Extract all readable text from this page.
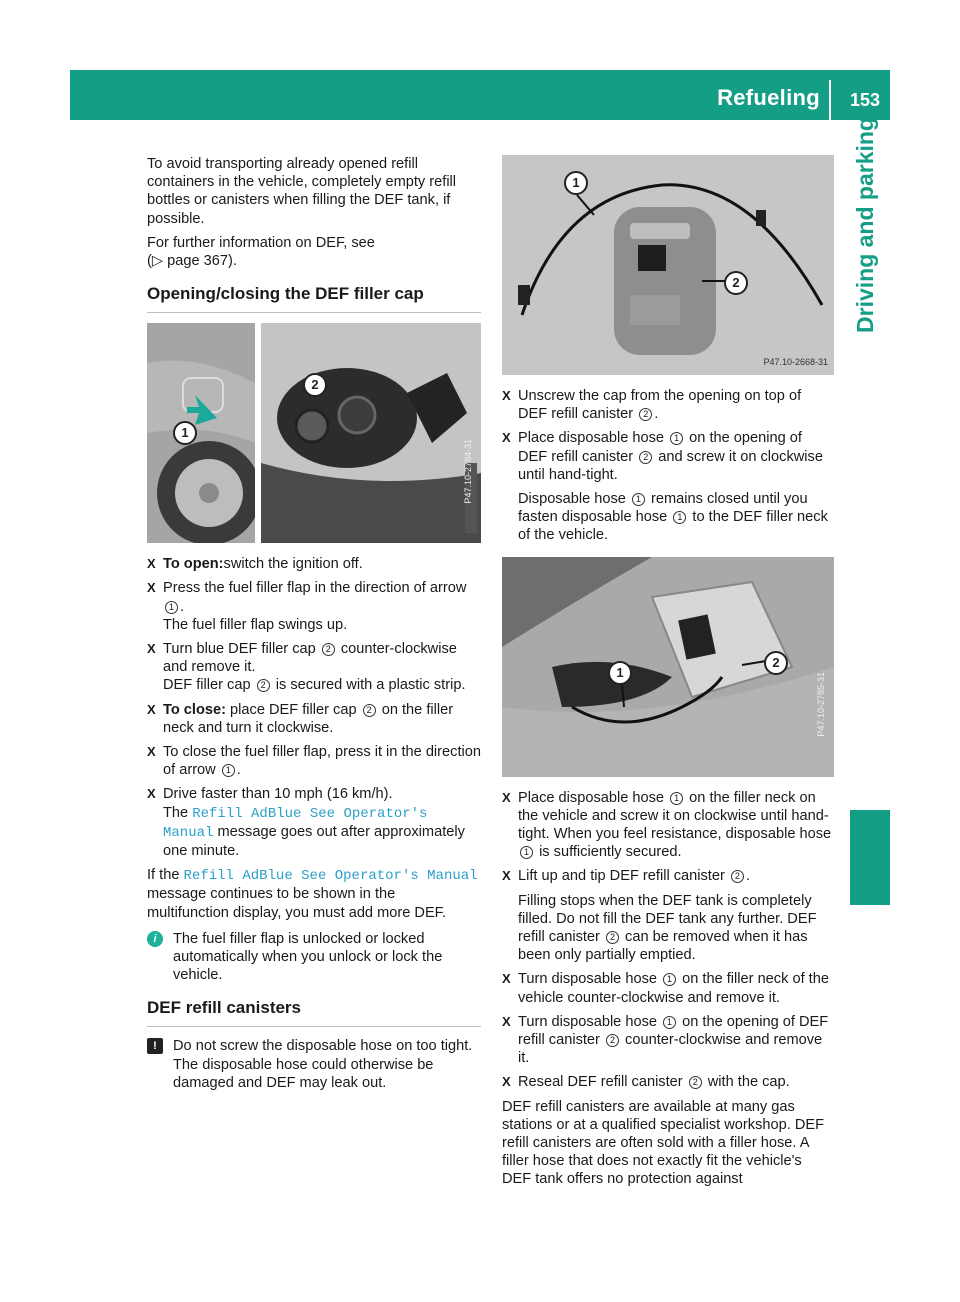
Refueling 153
Driving and parking

To avoid transporting already opened refill containers in the vehicle, completely empty refill bottles or canisters when filling the DEF tank, if possible.

For further information on DEF, see
(▷ page 367).

Opening/closing the DEF filler cap
1
2
P47.10-2784-31
X To open:switch the ignition off.
X Press the fuel filler flap in the direction of arrow 1 .
The fuel filler flap swings up.
X Turn blue DEF filler cap 2 counter-clockwise and remove it.
DEF filler cap 2 is secured with a plastic strip.
X To close: place DEF filler cap 2 on the filler neck and turn it clockwise.
X To close the fuel filler flap, press it in the direction of arrow 1 .
X Drive faster than 10 mph (16 km/h).
The Refill AdBlue See Operator's Manual message goes out after approximately one minute.

If the Refill AdBlue See Operator's Manual message continues to be shown in the multifunction display, you must add more DEF.

i	The fuel filler flap is unlocked or locked automatically when you unlock or lock the vehicle.
DEF refill canisters
!	Do not screw the disposable hose on too tight. The disposable hose could otherwise be damaged and DEF may leak out.
1
2
P47.10-2668-31
X Unscrew the cap from the opening on top of DEF refill canister 2 .
X Place disposable hose 1 on the opening of DEF refill canister 2 and screw it on clockwise until hand-tight.

Disposable hose 1 remains closed until you fasten disposable hose 1 to the DEF filler neck of the vehicle.

1
2
P47.10-2785-31
X Place disposable hose 1 on the filler neck on the vehicle and screw it on clockwise until hand-tight. When you feel resistance, disposable hose 1 is sufficiently secured.
X Lift up and tip DEF refill canister 2 .

Filling stops when the DEF tank is completely filled. Do not fill the DEF tank any further. DEF refill canister 2 can be removed when it has been only partially emptied.

X Turn disposable hose 1 on the filler neck of the vehicle counter-clockwise and remove it.
X Turn disposable hose 1 on the opening of DEF refill canister 2 counter-clockwise and remove it.
X Reseal DEF refill canister 2 with the cap.

DEF refill canisters are available at many gas stations or at a qualified specialist workshop. DEF refill canisters are often sold with a filler hose. A filler hose that does not exactly fit the vehicle's DEF tank offers no protection against
